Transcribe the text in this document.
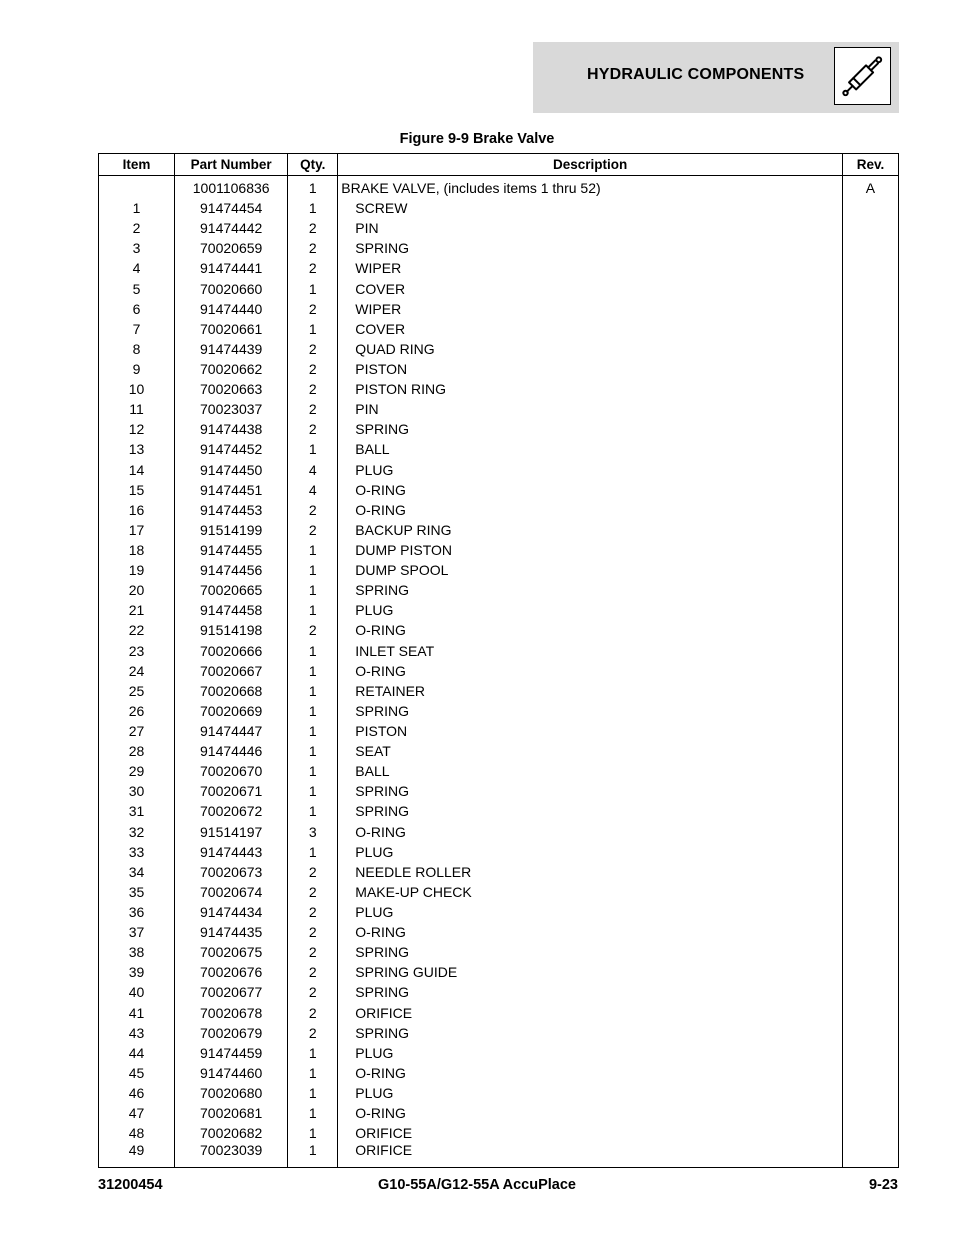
HYDRAULIC COMPONENTS
Figure 9-9 Brake Valve
Item	Part Number	Qty.	Description	Rev.
	1001106836	1	BRAKE VALVE, (includes items 1 thru 52)	A
1	91474454	1	SCREW	
2	91474442	2	PIN	
3	70020659	2	SPRING	
4	91474441	2	WIPER	
5	70020660	1	COVER	
6	91474440	2	WIPER	
7	70020661	1	COVER	
8	91474439	2	QUAD RING	
9	70020662	2	PISTON	
10	70020663	2	PISTON RING	
11	70023037	2	PIN	
12	91474438	2	SPRING	
13	91474452	1	BALL	
14	91474450	4	PLUG	
15	91474451	4	O-RING	
16	91474453	2	O-RING	
17	91514199	2	BACKUP RING	
18	91474455	1	DUMP PISTON	
19	91474456	1	DUMP SPOOL	
20	70020665	1	SPRING	
21	91474458	1	PLUG	
22	91514198	2	O-RING	
23	70020666	1	INLET SEAT	
24	70020667	1	O-RING	
25	70020668	1	RETAINER	
26	70020669	1	SPRING	
27	91474447	1	PISTON	
28	91474446	1	SEAT	
29	70020670	1	BALL	
30	70020671	1	SPRING	
31	70020672	1	SPRING	
32	91514197	3	O-RING	
33	91474443	1	PLUG	
34	70020673	2	NEEDLE ROLLER	
35	70020674	2	MAKE-UP CHECK	
36	91474434	2	PLUG	
37	91474435	2	O-RING	
38	70020675	2	SPRING	
39	70020676	2	SPRING GUIDE	
40	70020677	2	SPRING	
41	70020678	2	ORIFICE	
43	70020679	2	SPRING	
44	91474459	1	PLUG	
45	91474460	1	O-RING	
46	70020680	1	PLUG	
47	70020681	1	O-RING	
48	70020682	1	ORIFICE	
49	70023039	1	ORIFICE	
31200454	G10-55A/G12-55A AccuPlace	9-23
